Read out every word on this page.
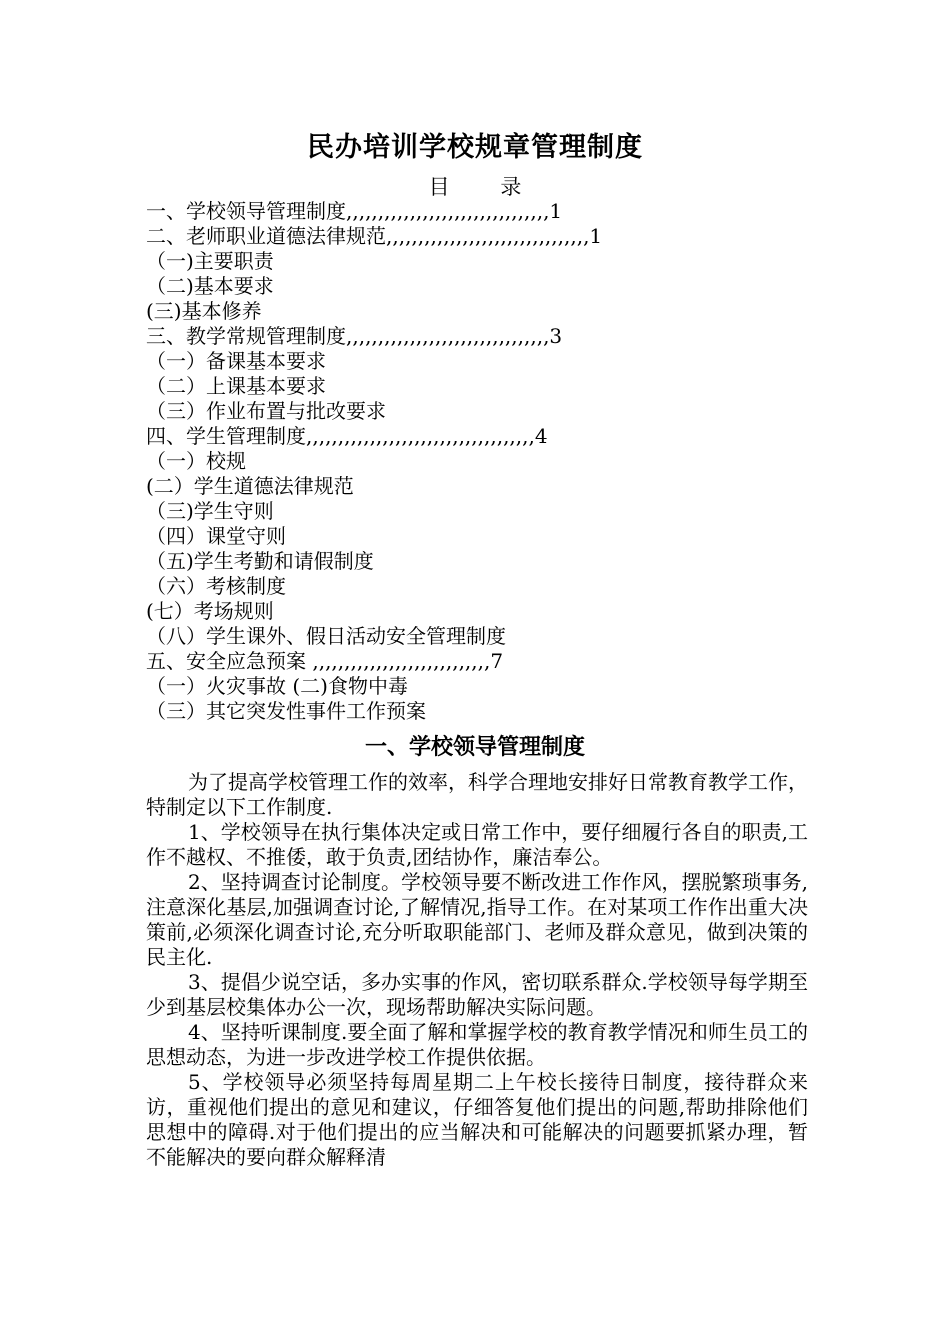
民办培训学校规章管理制度
目 录
一、学校领导管理制度,,,,,,,,,,,,,,,,,,,,,,,,,,,,,,,,1
二、老师职业道德法律规范,,,,,,,,,,,,,,,,,,,,,,,,,,,,,,,,1
（一)主要职责
（二)基本要求
(三)基本修养
三、教学常规管理制度,,,,,,,,,,,,,,,,,,,,,,,,,,,,,,,,3
（一）备课基本要求
（二）上课基本要求
（三）作业布置与批改要求
四、学生管理制度,,,,,,,,,,,,,,,,,,,,,,,,,,,,,,,,,,,,4
（一）校规
(二）学生道德法律规范
（三)学生守则
（四）课堂守则
（五)学生考勤和请假制度
（六）考核制度
(七）考场规则
（八）学生课外、假日活动安全管理制度
五、安全应急预案 ,,,,,,,,,,,,,,,,,,,,,,,,,,,,7
（一）火灾事故 (二)食物中毒
（三）其它突发性事件工作预案
一、学校领导管理制度

为了提高学校管理工作的效率，科学合理地安排好日常教育教学工作，特制定以下工作制度.

1、学校领导在执行集体决定或日常工作中，要仔细履行各自的职责,工作不越权、不推倭，敢于负责,团结协作，廉洁奉公。

2、坚持调查讨论制度。学校领导要不断改进工作作风，摆脱繁琐事务,注意深化基层,加强调查讨论,了解情况,指导工作。在对某项工作作出重大决策前,必须深化调查讨论,充分听取职能部门、老师及群众意见，做到决策的民主化.

3、提倡少说空话，多办实事的作风，密切联系群众.学校领导每学期至少到基层校集体办公一次，现场帮助解决实际问题。

4、坚持听课制度.要全面了解和掌握学校的教育教学情况和师生员工的思想动态，为进一步改进学校工作提供依据。

5、学校领导必须坚持每周星期二上午校长接待日制度，接待群众来访，重视他们提出的意见和建议，仔细答复他们提出的问题,帮助排除他们思想中的障碍.对于他们提出的应当解决和可能解决的问题要抓紧办理，暂不能解决的要向群众解释清
